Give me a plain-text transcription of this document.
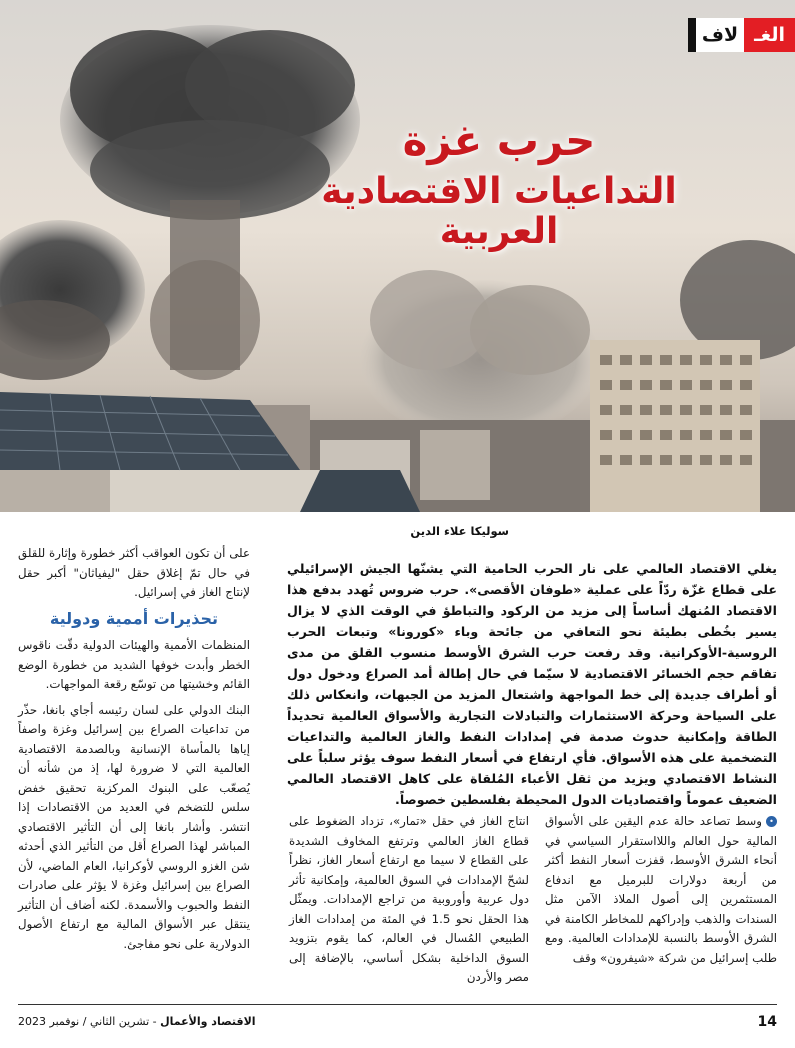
الغـ
لاف
حرب غزة
التداعيات الاقتصادية العربية
سوليكا علاء الدين
يغلي الاقتصاد العالمي على نار الحرب الحامية التي يشنّها الجيش الإسرائيلي على قطاع غزّة ردّاً على عملية «طوفان الأقصى». حرب ضروس تُهدد بدفع هذا الاقتصاد المُنهك أساساً إلى مزيد من الركود والتباطؤ في الوقت الذي لا يزال يسير بخُطى بطيئة نحو التعافي من جائحة وباء «كورونا» وتبعات الحرب الروسية-الأوكرانية. وقد رفعت حرب الشرق الأوسط منسوب القلق من مدى تفاقم حجم الخسائر الاقتصادية لا سيّما في حال إطالة أمد الصراع ودخول دول أو أطراف جديدة إلى خط المواجهة واشتعال المزيد من الجبهات، وانعكاس ذلك على السياحة وحركة الاستثمارات والتبادلات التجارية والأسواق العالمية تحديداً الطاقة وإمكانية حدوث صدمة في إمدادات النفط والغاز العالمية والتداعيات التضخمية على هذه الأسواق. فأي ارتفاع في أسعار النفط سوف يؤثر سلباً على النشاط الاقتصادي ويزيد من ثقل الأعباء المُلقاة على كاهل الاقتصاد العالمي الضعيف عموماً واقتصاديات الدول المحيطة بفلسطين خصوصاً.

•وسط تصاعد حالة عدم اليقين على الأسواق المالية حول العالم واللااستقرار السياسي في أنحاء الشرق الأوسط، قفزت أسعار النفط أكثر من أربعة دولارات للبرميل مع اندفاع المستثمرين إلى أصول الملاذ الآمن مثل السندات والذهب وإدراكهم للمخاطر الكامنة في الشرق الأوسط بالنسبة للإمدادات العالمية. ومع طلب إسرائيل من شركة «شيفرون» وقف

انتاج الغاز في حقل «تمار»، تزداد الضغوط على قطاع الغاز العالمي وترتفع المخاوف الشديدة على القطاع لا سيما مع ارتفاع أسعار الغاز، نظراً لشحّ الإمدادات في السوق العالمية، وإمكانية تأثر دول عربية وأوروبية من تراجع الإمدادات. ويمثّل هذا الحقل نحو 1.5 في المئة من إمدادات الغاز الطبيعي المُسال في العالم، كما يقوم بتزويد السوق الداخلية بشكل أساسي، بالإضافة إلى مصر والأردن

على أن تكون العواقب أكثر خطورة وإثارة للقلق في حال تمّ إغلاق حقل "ليفياثان" أكبر حقل لإنتاج الغاز في إسرائيل.

تحذيرات أممية ودولية

المنظمات الأممية والهيئات الدولية دقّت ناقوس الخطر وأبدت خوفها الشديد من خطورة الوضع القائم وخشيتها من توسّع رقعة المواجهات.

البنك الدولي على لسان رئيسه أجاي بانغا، حذّر من تداعيات الصراع بين إسرائيل وغزة واصفاً إياها بالمأساة الإنسانية وبالصدمة الاقتصادية العالمية التي لا ضرورة لها، إذ من شأنه أن يُصعّب على البنوك المركزية تحقيق خفض سلس للتضخم في العديد من الاقتصادات إذا انتشر. وأشار بانغا إلى أن التأثير الاقتصادي المباشر لهذا الصراع أقل من التأثير الذي أحدثه شن الغزو الروسي لأوكرانيا، العام الماضي، لأن الصراع بين إسرائيل وغزة لا يؤثر على صادرات النفط والحبوب والأسمدة. لكنه أضاف أن التأثير ينتقل عبر الأسواق المالية مع ارتفاع الأصول الدولارية على نحو مفاجئ.

14
الاقتصاد والأعمال - تشرين الثاني / نوفمبر 2023
